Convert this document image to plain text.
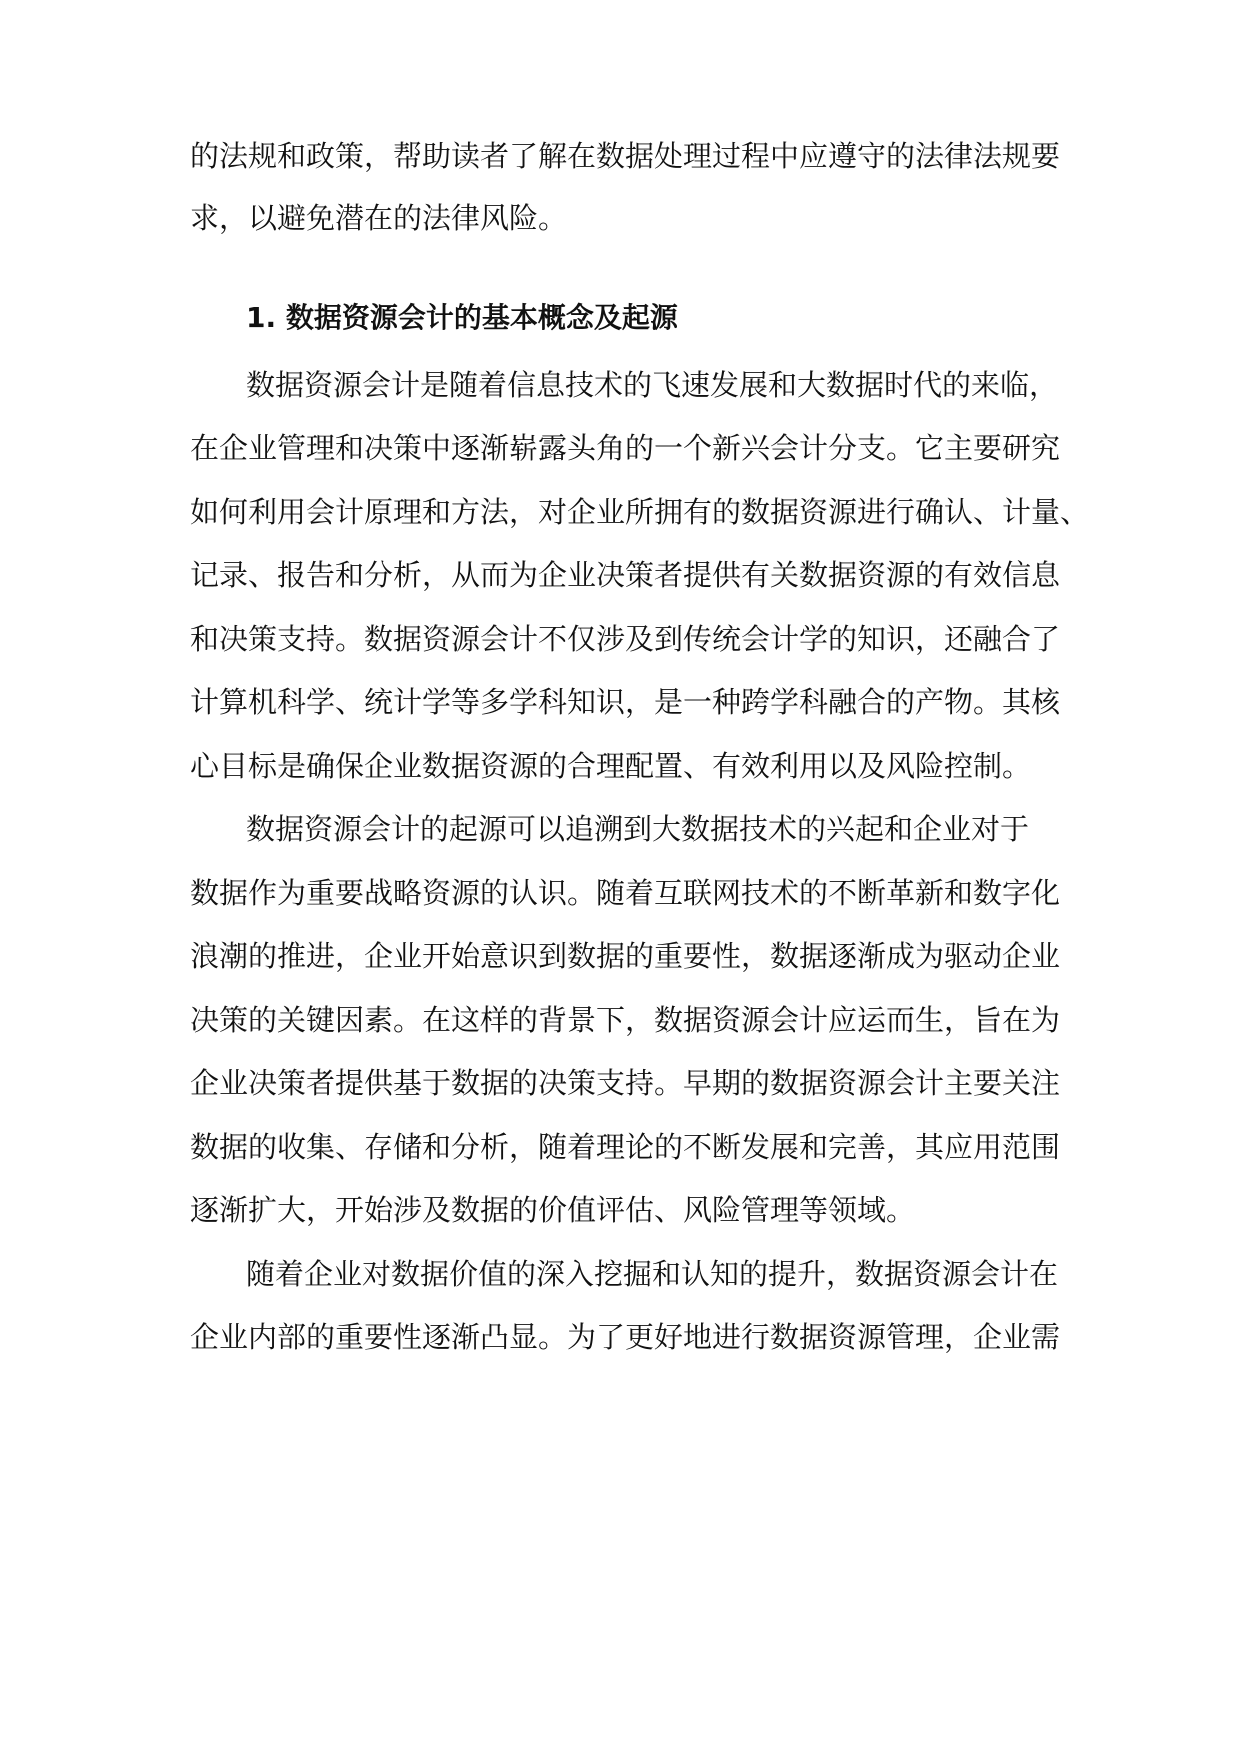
的法规和政策，帮助读者了解在数据处理过程中应遵守的法律法规要
求，以避免潜在的法律风险。
1. 数据资源会计的基本概念及起源
数据资源会计是随着信息技术的飞速发展和大数据时代的来临，
在企业管理和决策中逐渐崭露头角的一个新兴会计分支。它主要研究
如何利用会计原理和方法，对企业所拥有的数据资源进行确认、计量、
记录、报告和分析，从而为企业决策者提供有关数据资源的有效信息
和决策支持。数据资源会计不仅涉及到传统会计学的知识，还融合了
计算机科学、统计学等多学科知识，是一种跨学科融合的产物。其核
心目标是确保企业数据资源的合理配置、有效利用以及风险控制。
数据资源会计的起源可以追溯到大数据技术的兴起和企业对于
数据作为重要战略资源的认识。随着互联网技术的不断革新和数字化
浪潮的推进，企业开始意识到数据的重要性，数据逐渐成为驱动企业
决策的关键因素。在这样的背景下，数据资源会计应运而生，旨在为
企业决策者提供基于数据的决策支持。早期的数据资源会计主要关注
数据的收集、存储和分析，随着理论的不断发展和完善，其应用范围
逐渐扩大，开始涉及数据的价值评估、风险管理等领域。
随着企业对数据价值的深入挖掘和认知的提升，数据资源会计在
企业内部的重要性逐渐凸显。为了更好地进行数据资源管理，企业需
